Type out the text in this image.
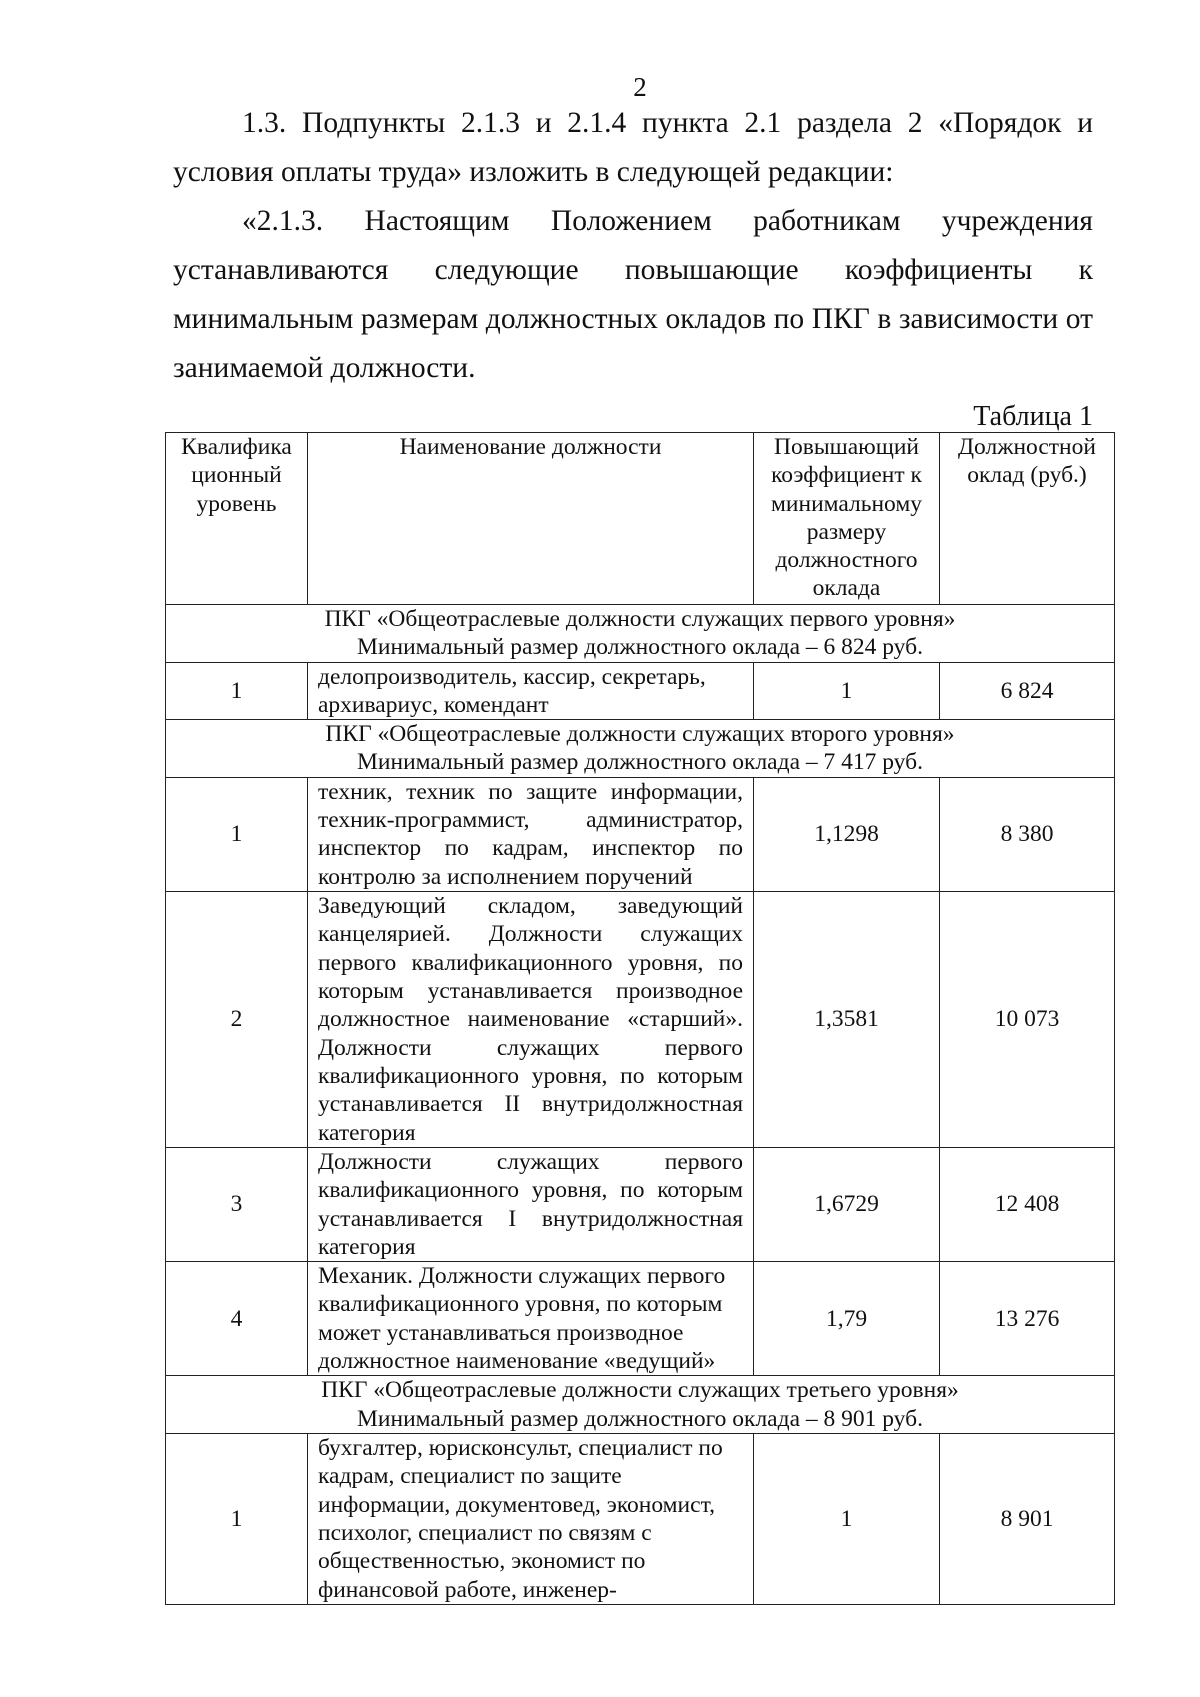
2

1.3. Подпункты 2.1.3 и 2.1.4 пункта 2.1 раздела 2 «Порядок и условия оплаты труда» изложить в следующей редакции:

«2.1.3. Настоящим Положением работникам учреждения устанавливаются следующие повышающие коэффициенты к минимальным размерам должностных окладов по ПКГ в зависимости от занимаемой должности.

Таблица 1
Квалифика ционный уровень	Наименование должности	Повышающий коэффициент к минимальному размеру должностного оклада	Должностной оклад (руб.)

ПКГ «Общеотраслевые должности служащих первого уровня»
Минимальный размер должностного оклада – 6 824 руб.			

1	делопроизводитель, кассир, секретарь, архивариус, комендант	1	6 824

ПКГ «Общеотраслевые должности служащих второго уровня»
Минимальный размер должностного оклада – 7 417 руб.			

1	техник, техник по защите информации, техник-программист, администратор, инспектор по кадрам, инспектор по контролю за исполнением поручений	1,1298	8 380
2	Заведующий складом, заведующий канцелярией. Должности служащих первого квалификационного уровня, по которым устанавливается производное должностное наименование «старший». Должности служащих первого квалификационного уровня, по которым устанавливается II внутридолжностная категория	1,3581	10 073
3	Должности служащих первого квалификационного уровня, по которым устанавливается I внутридолжностная категория	1,6729	12 408
4	Механик. Должности служащих первого квалификационного уровня, по которым может устанавливаться производное должностное наименование «ведущий»	1,79	13 276

ПКГ «Общеотраслевые должности служащих третьего уровня»
Минимальный размер должностного оклада – 8 901 руб.			

1	бухгалтер, юрисконсульт, специалист по кадрам, специалист по защите информации, документовед, экономист, психолог, специалист по связям с общественностью, экономист по финансовой работе, инженер-	1	8 901
